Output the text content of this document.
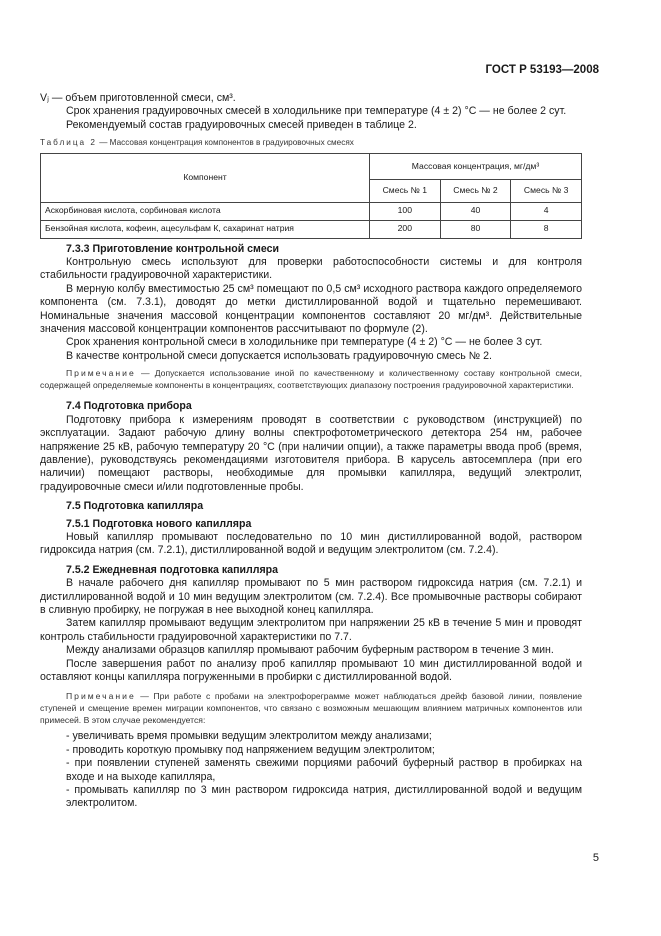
ГОСТ Р 53193—2008

Vⱼ — объем приготовленной смеси, см³.

Срок хранения градуировочных смесей в холодильнике при температуре (4 ± 2) °С — не более 2 сут.

Рекомендуемый состав градуировочных смесей приведен в таблице 2.

Таблица 2 — Массовая концентрация компонентов в градуировочных смесях
Компонент	Массовая концентрация, мг/дм³		
	Смесь № 1	Смесь № 2	Смесь № 3
Аскорбиновая кислота, сорбиновая кислота	100	40	4
Бензойная кислота, кофеин, ацесульфам К, сахаринат натрия	200	80	8

7.3.3 Приготовление контрольной смеси

Контрольную смесь используют для проверки работоспособности системы и для контроля стабильности градуировочной характеристики.

В мерную колбу вместимостью 25 см³ помещают по 0,5 см³ исходного раствора каждого определяемого компонента (см. 7.3.1), доводят до метки дистиллированной водой и тщательно перемешивают. Номинальные значения массовой концентрации компонентов составляют 20 мг/дм³. Действительные значения массовой концентрации компонентов рассчитывают по формуле (2).

Срок хранения контрольной смеси в холодильнике при температуре (4 ± 2) °С — не более 3 сут.

В качестве контрольной смеси допускается использовать градуировочную смесь № 2.

Примечание — Допускается использование иной по качественному и количественному составу контрольной смеси, содержащей определяемые компоненты в концентрациях, соответствующих диапазону построения градуировочной характеристики.

7.4 Подготовка прибора

Подготовку прибора к измерениям проводят в соответствии с руководством (инструкцией) по эксплуатации. Задают рабочую длину волны спектрофотометрического детектора 254 нм, рабочее напряжение 25 кВ, рабочую температуру 20 °С (при наличии опции), а также параметры ввода проб (время, давление), руководствуясь рекомендациями изготовителя прибора. В карусель автосемплера (при его наличии) помещают растворы, необходимые для промывки капилляра, ведущий электролит, градуировочные смеси и/или подготовленные пробы.

7.5 Подготовка капилляра

7.5.1 Подготовка нового капилляра

Новый капилляр промывают последовательно по 10 мин дистиллированной водой, раствором гидроксида натрия (см. 7.2.1), дистиллированной водой и ведущим электролитом (см. 7.2.4).

7.5.2 Ежедневная подготовка капилляра

В начале рабочего дня капилляр промывают по 5 мин раствором гидроксида натрия (см. 7.2.1) и дистиллированной водой и 10 мин ведущим электролитом (см. 7.2.4). Все промывочные растворы собирают в сливную пробирку, не погружая в нее выходной конец капилляра.

Затем капилляр промывают ведущим электролитом при напряжении 25 кВ в течение 5 мин и проводят контроль стабильности градуировочной характеристики по 7.7.

Между анализами образцов капилляр промывают рабочим буферным раствором в течение 3 мин.

После завершения работ по анализу проб капилляр промывают 10 мин дистиллированной водой и оставляют концы капилляра погруженными в пробирки с дистиллированной водой.

Примечание — При работе с пробами на электрофореграмме может наблюдаться дрейф базовой линии, появление ступеней и смещение времен миграции компонентов, что связано с возможным мешающим влиянием матричных компонентов или примесей. В этом случае рекомендуется:

- увеличивать время промывки ведущим электролитом между анализами;

- проводить короткую промывку под напряжением ведущим электролитом;

- при появлении ступеней заменять свежими порциями рабочий буферный раствор в пробирках на входе и на выходе капилляра,

- промывать капилляр по 3 мин раствором гидроксида натрия, дистиллированной водой и ведущим электролитом.

5
